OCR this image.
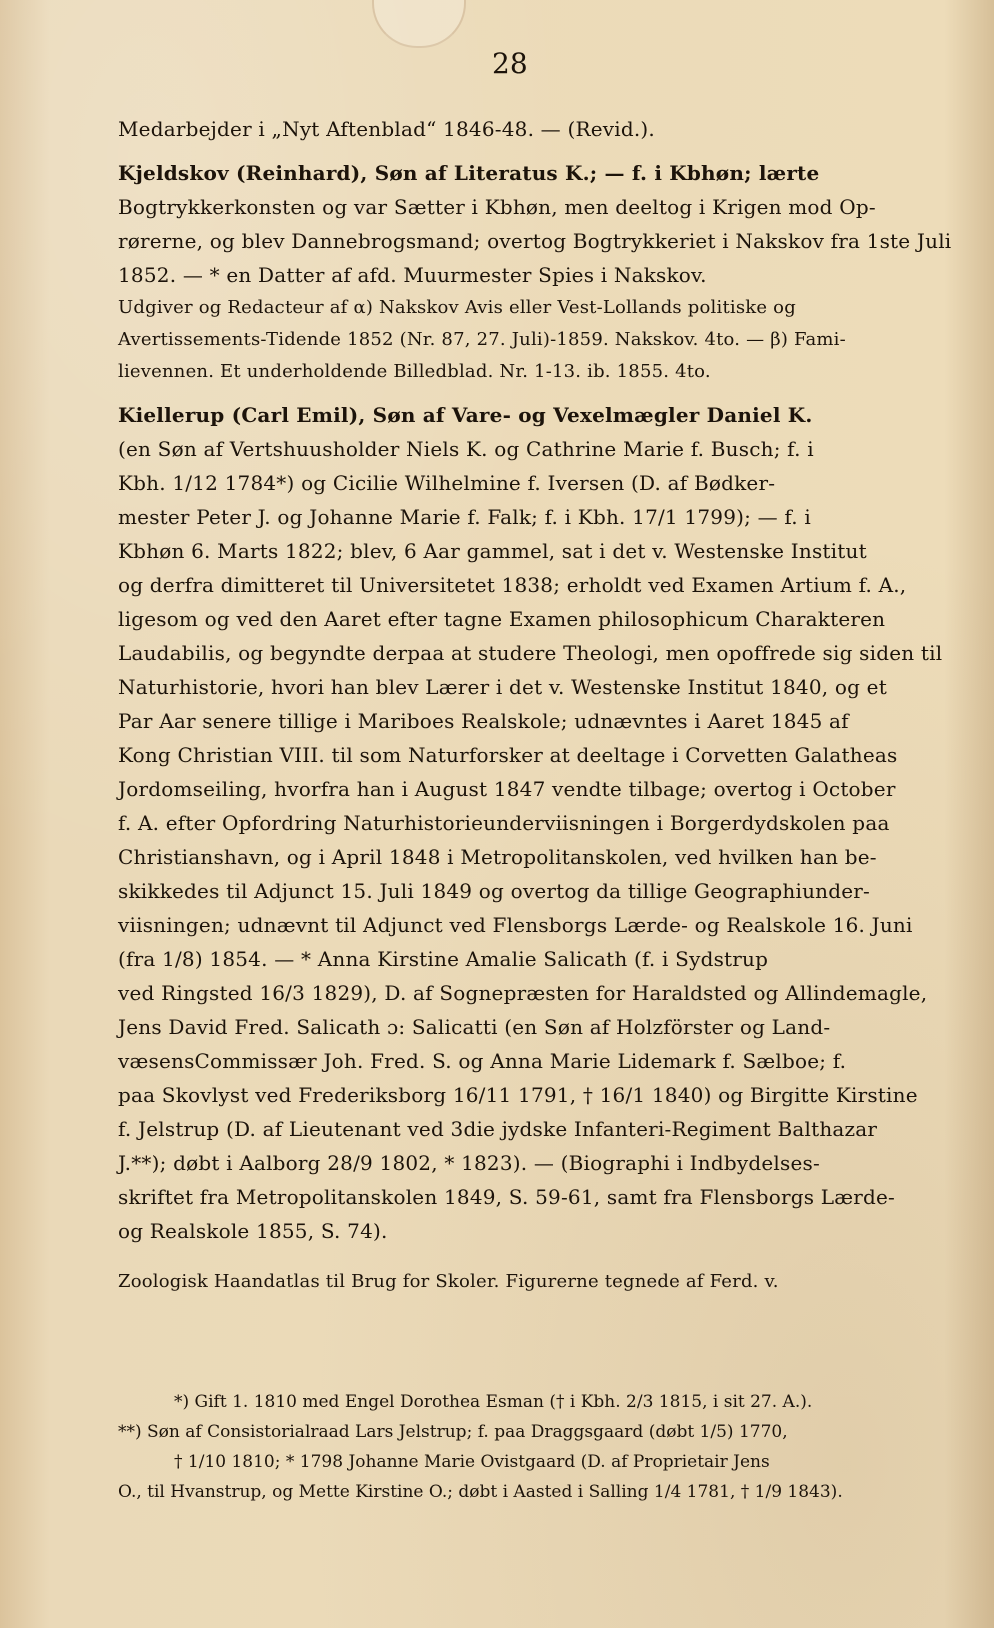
28
Medarbejder i „Nyt Aftenblad“ 1846-48. — (Revid.).
Kjeldskov (Reinhard), Søn af Literatus K.; — f. i Kbhøn; lærte
Bogtrykkerkonsten og var Sætter i Kbhøn, men deeltog i Krigen mod Op-
rørerne, og blev Dannebrogsmand; overtog Bogtrykkeriet i Nakskov fra 1ste Juli
1852. — * en Datter af afd. Muurmester Spies i Nakskov.
Udgiver og Redacteur af α) Nakskov Avis eller Vest-Lollands politiske og
Avertissements-Tidende 1852 (Nr. 87, 27. Juli)-1859. Nakskov. 4to. — β) Fami-
lievennen. Et underholdende Billedblad. Nr. 1-13. ib. 1855. 4to.
Kiellerup (Carl Emil), Søn af Vare- og Vexelmægler Daniel K.
(en Søn af Vertshuusholder Niels K. og Cathrine Marie f. Busch; f. i
Kbh. 1/12 1784*) og Cicilie Wilhelmine f. Iversen (D. af Bødker-
mester Peter J. og Johanne Marie f. Falk; f. i Kbh. 17/1 1799); — f. i
Kbhøn 6. Marts 1822; blev, 6 Aar gammel, sat i det v. Westenske Institut
og derfra dimitteret til Universitetet 1838; erholdt ved Examen Artium f. A.,
ligesom og ved den Aaret efter tagne Examen philosophicum Charakteren
Laudabilis, og begyndte derpaa at studere Theologi, men opoffrede sig siden til
Naturhistorie, hvori han blev Lærer i det v. Westenske Institut 1840, og et
Par Aar senere tillige i Mariboes Realskole; udnævntes i Aaret 1845 af
Kong Christian VIII. til som Naturforsker at deeltage i Corvetten Galatheas
Jordomseiling, hvorfra han i August 1847 vendte tilbage; overtog i October
f. A. efter Opfordring Naturhistorieunderviisningen i Borgerdydskolen paa
Christianshavn, og i April 1848 i Metropolitanskolen, ved hvilken han be-
skikkedes til Adjunct 15. Juli 1849 og overtog da tillige Geographiunder-
viisningen; udnævnt til Adjunct ved Flensborgs Lærde- og Realskole 16. Juni
(fra 1/8) 1854. — * Anna Kirstine Amalie Salicath (f. i Sydstrup
ved Ringsted 16/3 1829), D. af Sognepræsten for Haraldsted og Allindemagle,
Jens David Fred. Salicath ɔ: Salicatti (en Søn af Holzförster og Land-
væsensCommissær Joh. Fred. S. og Anna Marie Lidemark f. Sælboe; f.
paa Skovlyst ved Frederiksborg 16/11 1791, † 16/1 1840) og Birgitte Kirstine
f. Jelstrup (D. af Lieutenant ved 3die jydske Infanteri-Regiment Balthazar
J.**); døbt i Aalborg 28/9 1802, * 1823). — (Biographi i Indbydelses-
skriftet fra Metropolitanskolen 1849, S. 59-61, samt fra Flensborgs Lærde-
og Realskole 1855, S. 74).
Zoologisk Haandatlas til Brug for Skoler. Figurerne tegnede af Ferd. v.
*) Gift 1. 1810 med Engel Dorothea Esman († i Kbh. 2/3 1815, i sit 27. A.).
**) Søn af Consistorialraad Lars Jelstrup; f. paa Draggsgaard (døbt 1/5) 1770,
† 1/10 1810; * 1798 Johanne Marie Ovistgaard (D. af Proprietair Jens
O., til Hvanstrup, og Mette Kirstine O.; døbt i Aasted i Salling 1/4 1781, † 1/9 1843).
